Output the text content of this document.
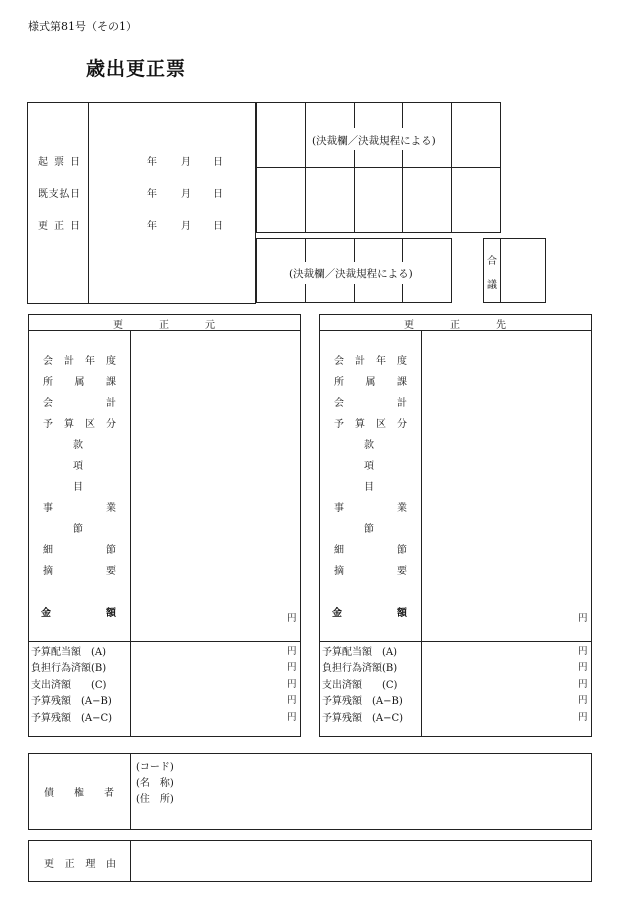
様式第81号（その1）
歳出更正票
起 票 日	年 月 日
既 支 払 日	年 月 日
更 正 日	年 月 日
(決裁欄／決裁規程による)
(決裁欄／決裁規程による)
合
議
更	正	元
会 計 年 度
所 属 課
会	計
予 算 区 分
款
項
目
事	業
節
細	節
摘	要
金	額	円
予算配当額　(A)	円
負担行為済額(B)	円
支出済額　　(C)	円
予算残額　(A−B)	円
予算残額　(A−C)	円
更	正	先
会 計 年 度
所 属 課
会	計
予 算 区 分
款
項
目
事	業
節
細	節
摘	要
金	額	円
予算配当額　(A)	円
負担行為済額(B)	円
支出済額　　(C)	円
予算残額　(A−B)	円
予算残額　(A−C)	円
債 権 者
(コード)
(名　称)
(住　所)
更 正 理 由
